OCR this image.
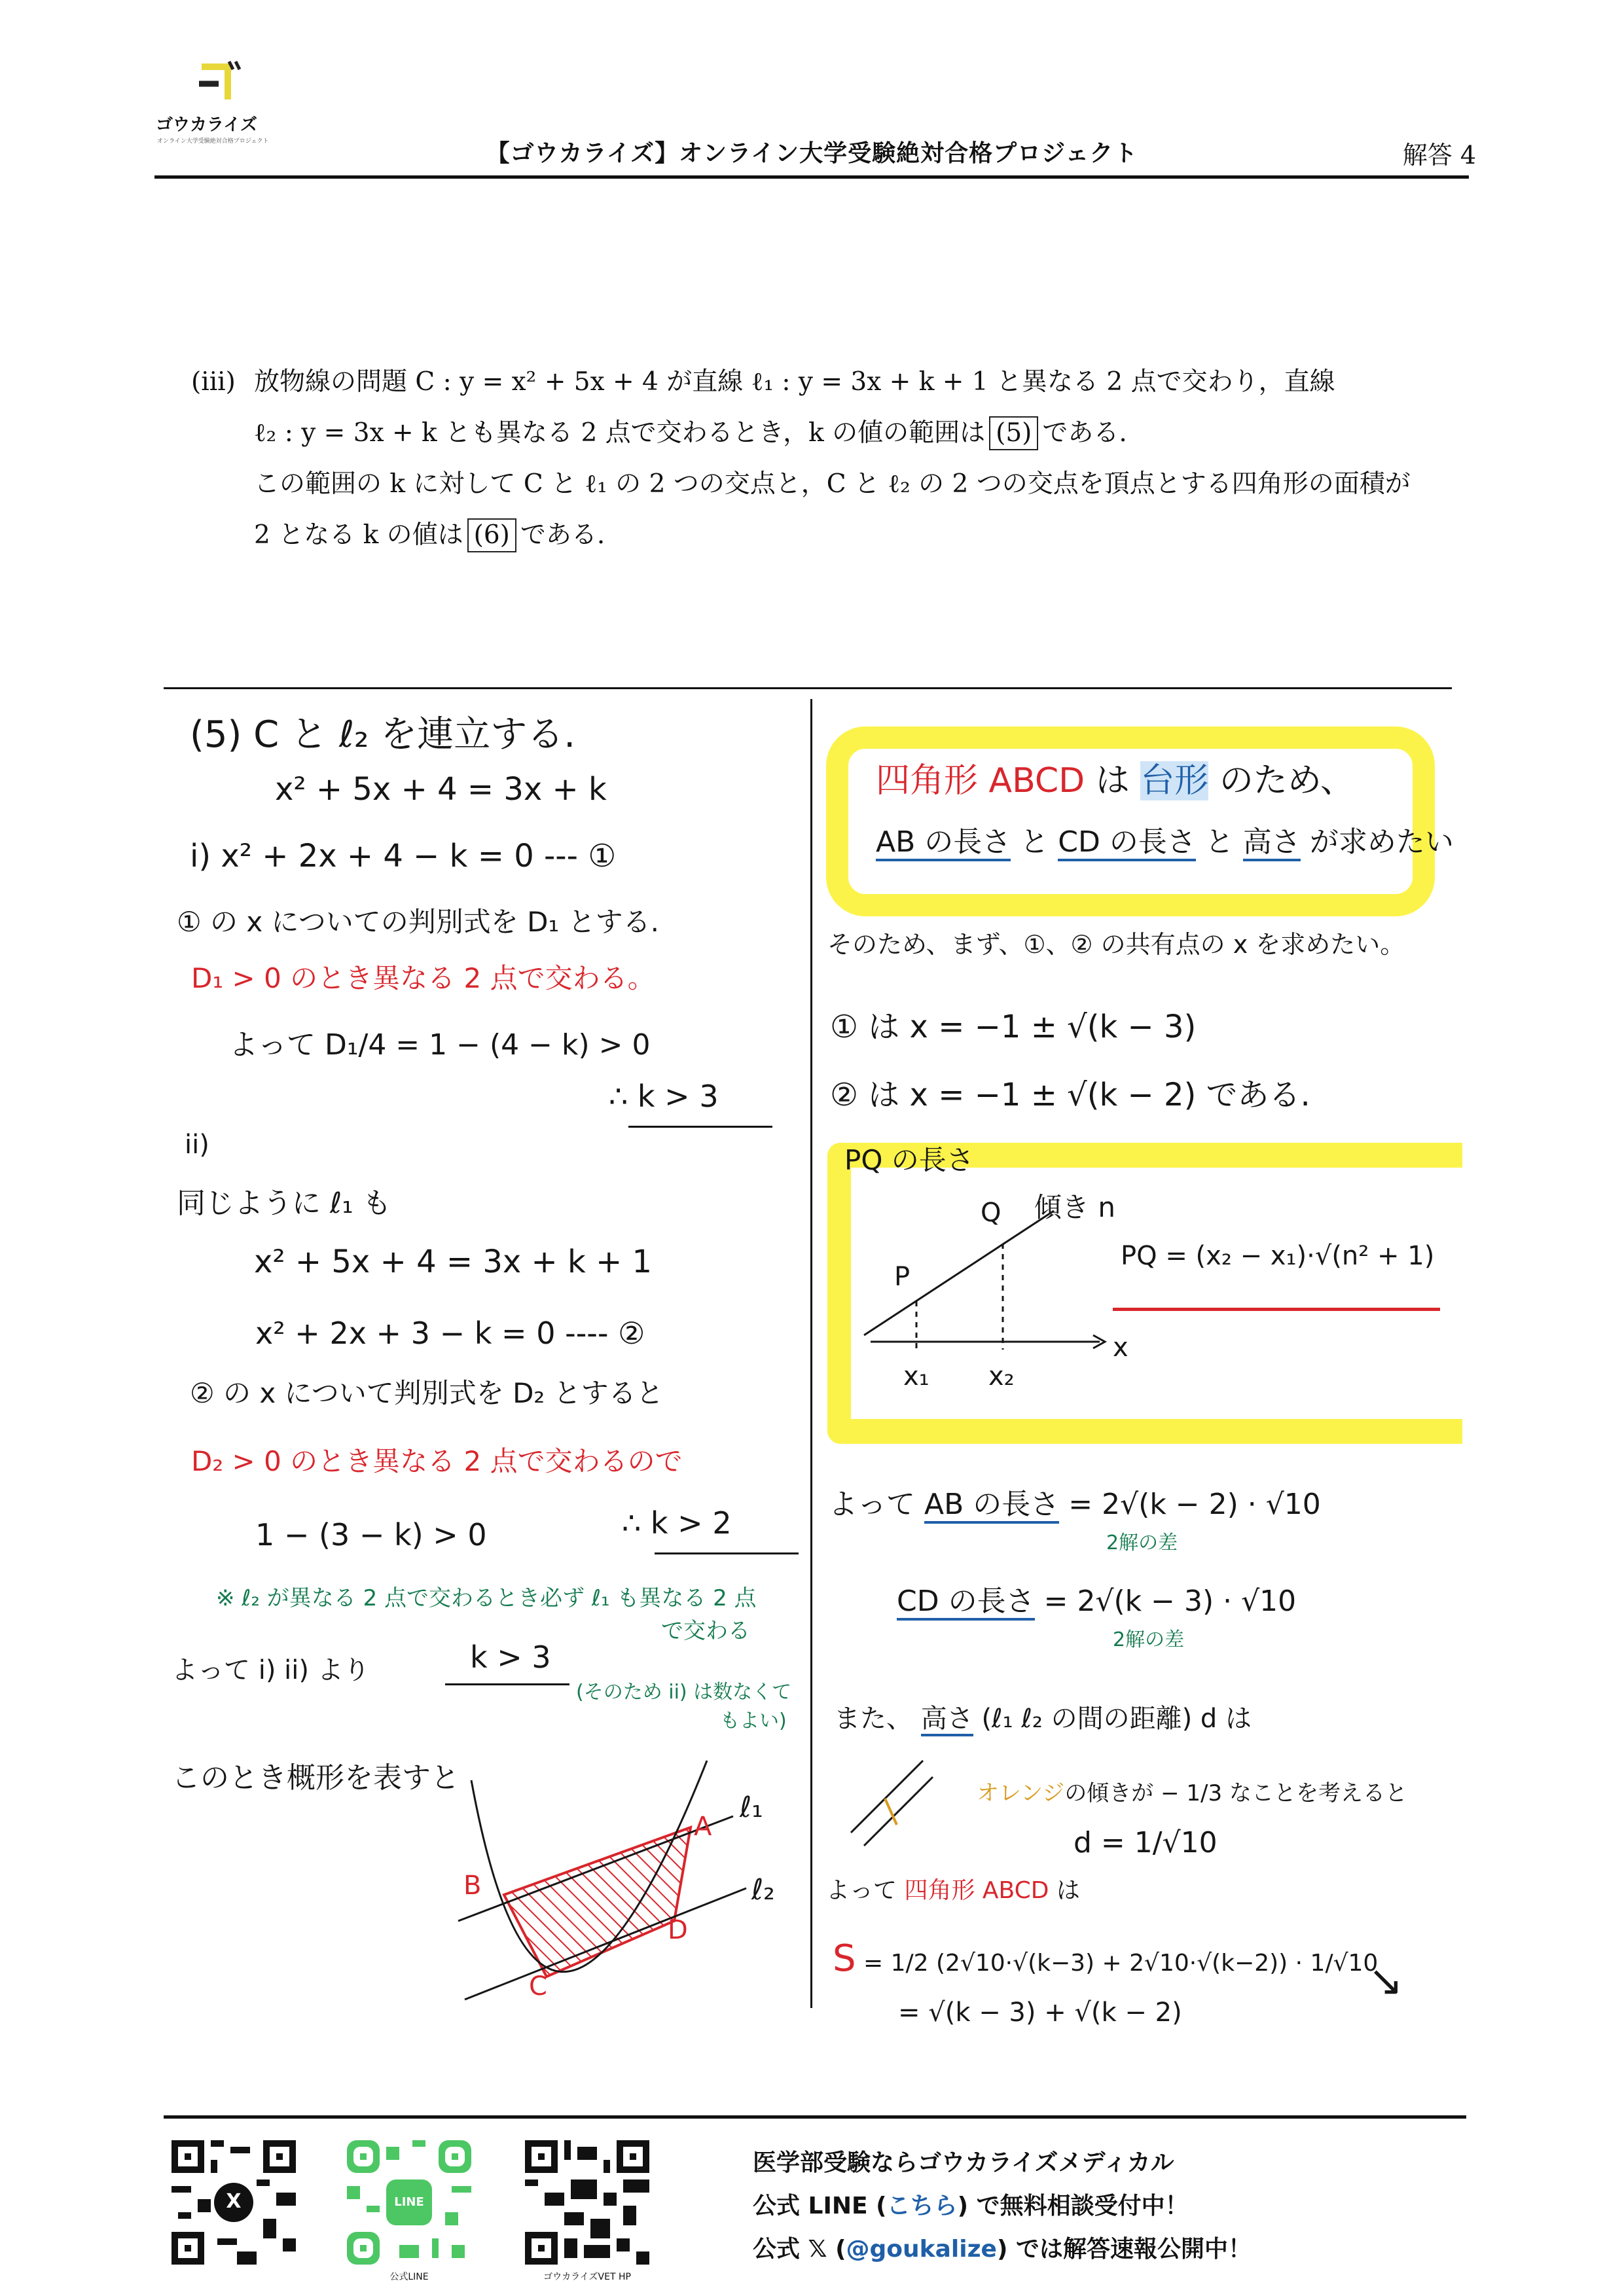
ゴウカライズ
オンライン大学受験絶対合格プロジェクト	【ゴウカライズ】オンライン大学受験絶対合格プロジェクト	解答 4
(iii) 放物線の問題 C : y = x² + 5x + 4 が直線 ℓ₁ : y = 3x + k + 1 と異なる 2 点で交わり，直線
ℓ₂ : y = 3x + k とも異なる 2 点で交わるとき，k の値の範囲は (5) である.
この範囲の k に対して C と ℓ₁ の 2 つの交点と，C と ℓ₂ の 2 つの交点を頂点とする四角形の面積が
2 となる k の値は (6) である.
(5) C と ℓ₂ を連立する.
x² + 5x + 4 = 3x + k
i) x² + 2x + 4 − k = 0 --- ①
① の x についての判別式を D₁ とする.
D₁ > 0 のとき異なる 2 点で交わる。
よって D₁/4 = 1 − (4 − k) > 0
∴ k > 3
ii)
同じように ℓ₁ も
x² + 5x + 4 = 3x + k + 1
x² + 2x + 3 − k = 0 ---- ②
② の x について判別式を D₂ とすると
D₂ > 0 のとき異なる 2 点で交わるので
1 − (3 − k) > 0	∴ k > 2
※ ℓ₂ が異なる 2 点で交わるとき必ず ℓ₁ も異なる 2 点
で交わる
よって i) ii) より	k > 3
(そのため ii) は数なくて
もよい)
このとき概形を表すと
ℓ₁
ℓ₂
A
B
C
D
四角形 ABCD は 台形 のため、
AB の長さ と CD の長さ と 高さ が求めたい
そのため、まず、①、② の共有点の x を求めたい。
① は x = −1 ± √(k − 3)
② は x = −1 ± √(k − 2) である.
PQ の長さ
Q 傾き n
P
x₁ x₂
x
PQ = (x₂ − x₁)·√(n² + 1)
よって AB の長さ = 2√(k − 2) · √10
2解の差
CD の長さ = 2√(k − 3) · √10
2解の差
また、 高さ (ℓ₁ ℓ₂ の間の距離) d は
オレンジの傾きが − 1/3 なことを考えると
d = 1/√10
よって 四角形 ABCD は
S = 1/2 (2√10·√(k−3) + 2√10·√(k−2)) · 1/√10
= √(k − 3) + √(k − 2)
↘
X	LINE
公式LINE	ゴウカライズVET HP
医学部受験ならゴウカライズメディカル
公式 LINE (こちら) で無料相談受付中！
公式 𝕏 (@goukalize) では解答速報公開中！
